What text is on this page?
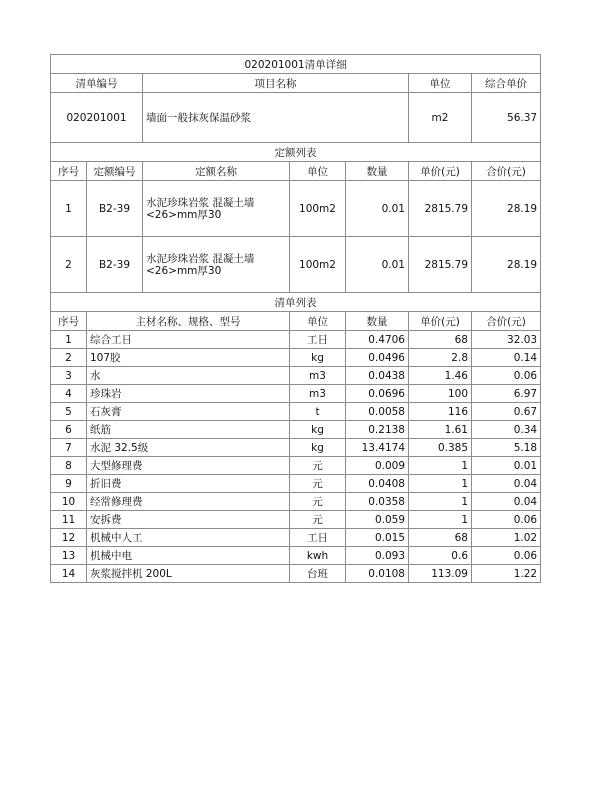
020201001清单详细						
清单编号		项目名称			单位	综合单价
020201001		墙面一般抹灰保温砂浆			m2	56.37
定额列表						
序号	定额编号	定额名称	单位	数量	单价(元)	合价(元)
1	B2-39	水泥珍珠岩浆 混凝土墙<26>mm厚30	100m2	0.01	2815.79	28.19
2	B2-39	水泥珍珠岩浆 混凝土墙<26>mm厚30	100m2	0.01	2815.79	28.19
清单列表						
序号	主材名称、规格、型号		单位	数量	单价(元)	合价(元)
1	综合工日		工日	0.4706	68	32.03
2	107胶		kg	0.0496	2.8	0.14
3	水		m3	0.0438	1.46	0.06
4	珍珠岩		m3	0.0696	100	6.97
5	石灰膏		t	0.0058	116	0.67
6	纸筋		kg	0.2138	1.61	0.34
7	水泥 32.5级		kg	13.4174	0.385	5.18
8	大型修理费		元	0.009	1	0.01
9	折旧费		元	0.0408	1	0.04
10	经常修理费		元	0.0358	1	0.04
11	安拆费		元	0.059	1	0.06
12	机械中人工		工日	0.015	68	1.02
13	机械中电		kwh	0.093	0.6	0.06
14	灰浆搅拌机 200L		台班	0.0108	113.09	1.22
